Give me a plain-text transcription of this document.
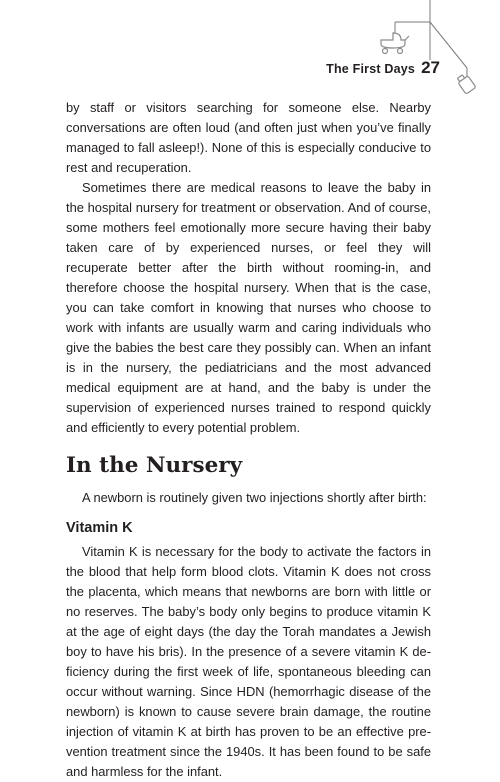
The First Days 27

by staff or visitors searching for someone else. Nearby conversations are often loud (and often just when you’ve finally managed to fall asleep!). None of this is especially conducive to rest and recuperation.

Sometimes there are medical reasons to leave the baby in the hospital nursery for treatment or observation. And of course, some mothers feel emotionally more secure having their baby taken care of by experienced nurses, or feel they will recuperate better after the birth without rooming-in, and therefore choose the hospital nursery. When that is the case, you can take comfort in knowing that nurses who choose to work with infants are usually warm and caring individuals who give the babies the best care they possibly can. When an infant is in the nursery, the pediatricians and the most advanced medical equipment are at hand, and the baby is under the supervision of experienced nurses trained to respond quickly and efficiently to every potential problem.

In the Nursery

A newborn is routinely given two injections shortly after birth:

Vitamin K

Vitamin K is necessary for the body to activate the factors in the blood that help form blood clots. Vitamin K does not cross the placenta, which means that newborns are born with little or no reserves. The baby’s body only begins to produce vitamin K at the age of eight days (the day the Torah mandates a Jewish boy to have his bris). In the presence of a severe vitamin K deficiency during the first week of life, spontaneous bleeding can occur without warning. Since HDN (hemorrhagic disease of the newborn) is known to cause severe brain damage, the routine injection of vitamin K at birth has proven to be an effective prevention treatment since the 1940s. It has been found to be safe and harmless for the infant.
